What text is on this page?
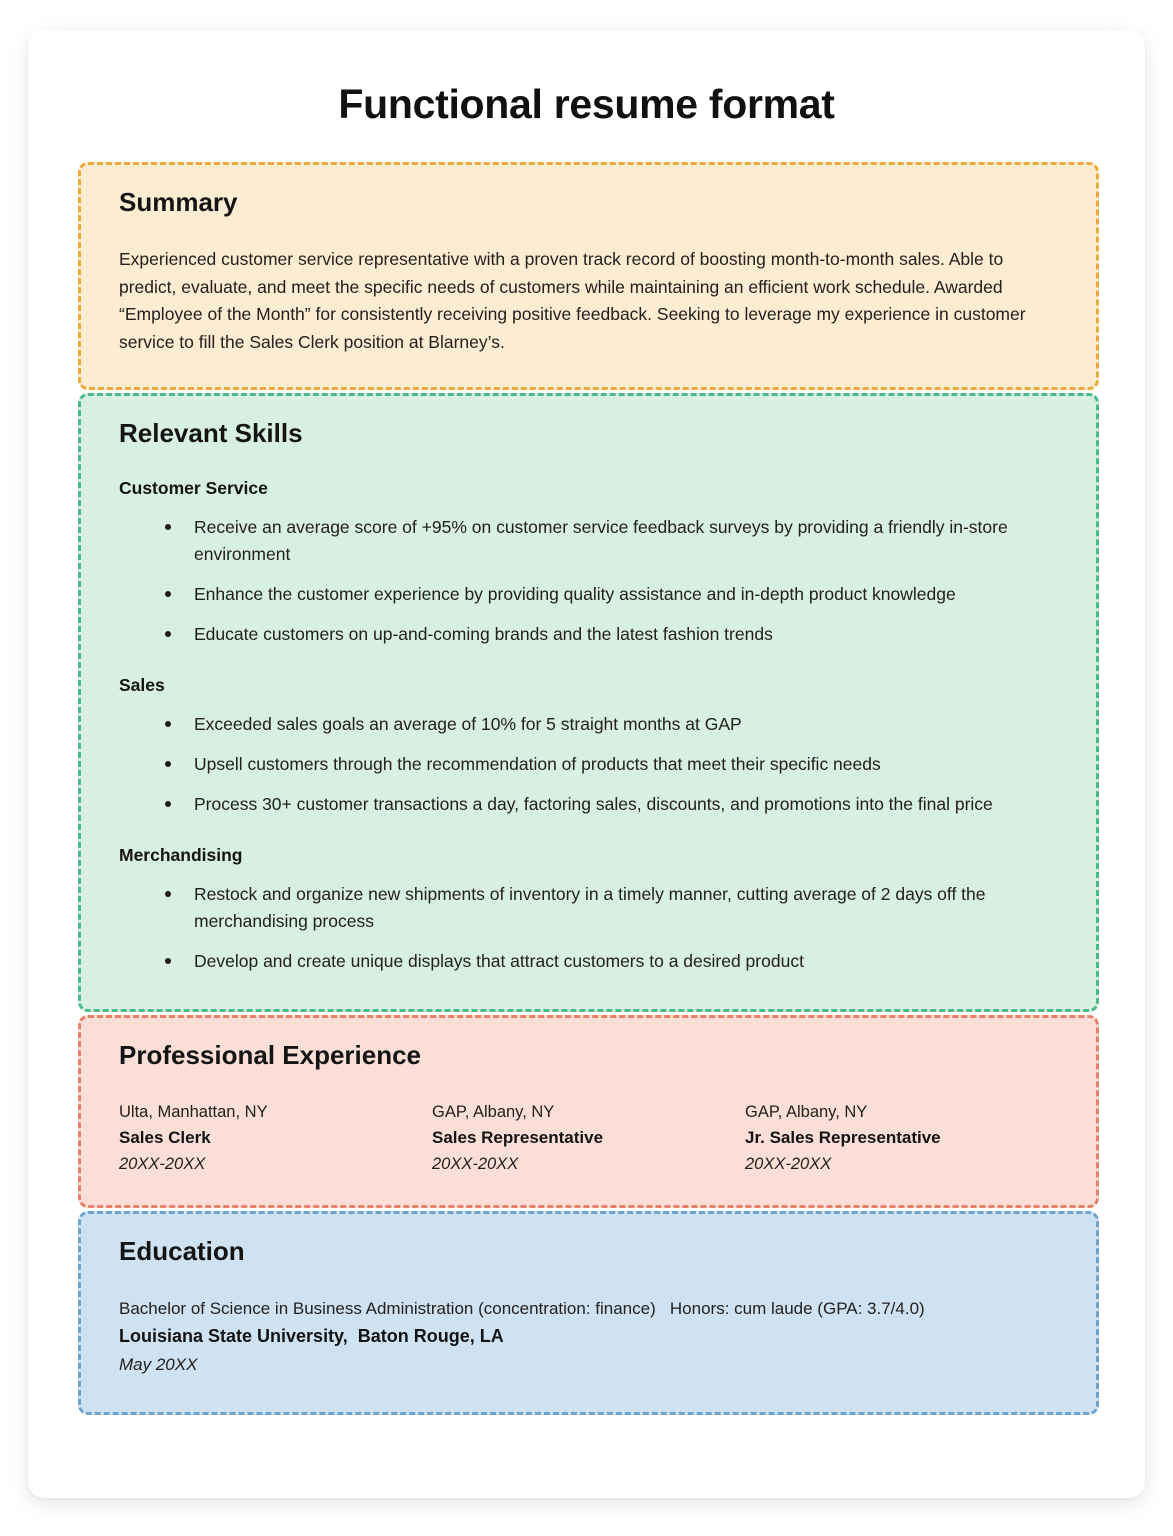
Functional resume format
Summary

Experienced customer service representative with a proven track record of boosting month-to-month sales. Able to predict, evaluate, and meet the specific needs of customers while maintaining an efficient work schedule. Awarded “Employee of the Month” for consistently receiving positive feedback. Seeking to leverage my experience in customer service to fill the Sales Clerk position at Blarney’s.

Relevant Skills
Customer Service
Receive an average score of +95% on customer service feedback surveys by providing a friendly in-store environment
Enhance the customer experience by providing quality assistance and in-depth product knowledge
Educate customers on up-and-coming brands and the latest fashion trends
Sales
Exceeded sales goals an average of 10% for 5 straight months at GAP
Upsell customers through the recommendation of products that meet their specific needs
Process 30+ customer transactions a day, factoring sales, discounts, and promotions into the final price
Merchandising
Restock and organize new shipments of inventory in a timely manner, cutting average of 2 days off the merchandising process
Develop and create unique displays that attract customers to a desired product
Professional Experience
Ulta, Manhattan, NY
Sales Clerk
20XX-20XX
GAP, Albany, NY
Sales Representative
20XX-20XX
GAP, Albany, NY
Jr. Sales Representative
20XX-20XX
Education
Bachelor of Science in Business Administration (concentration: finance)   Honors: cum laude (GPA: 3.7/4.0)
Louisiana State University,  Baton Rouge, LA
May 20XX
